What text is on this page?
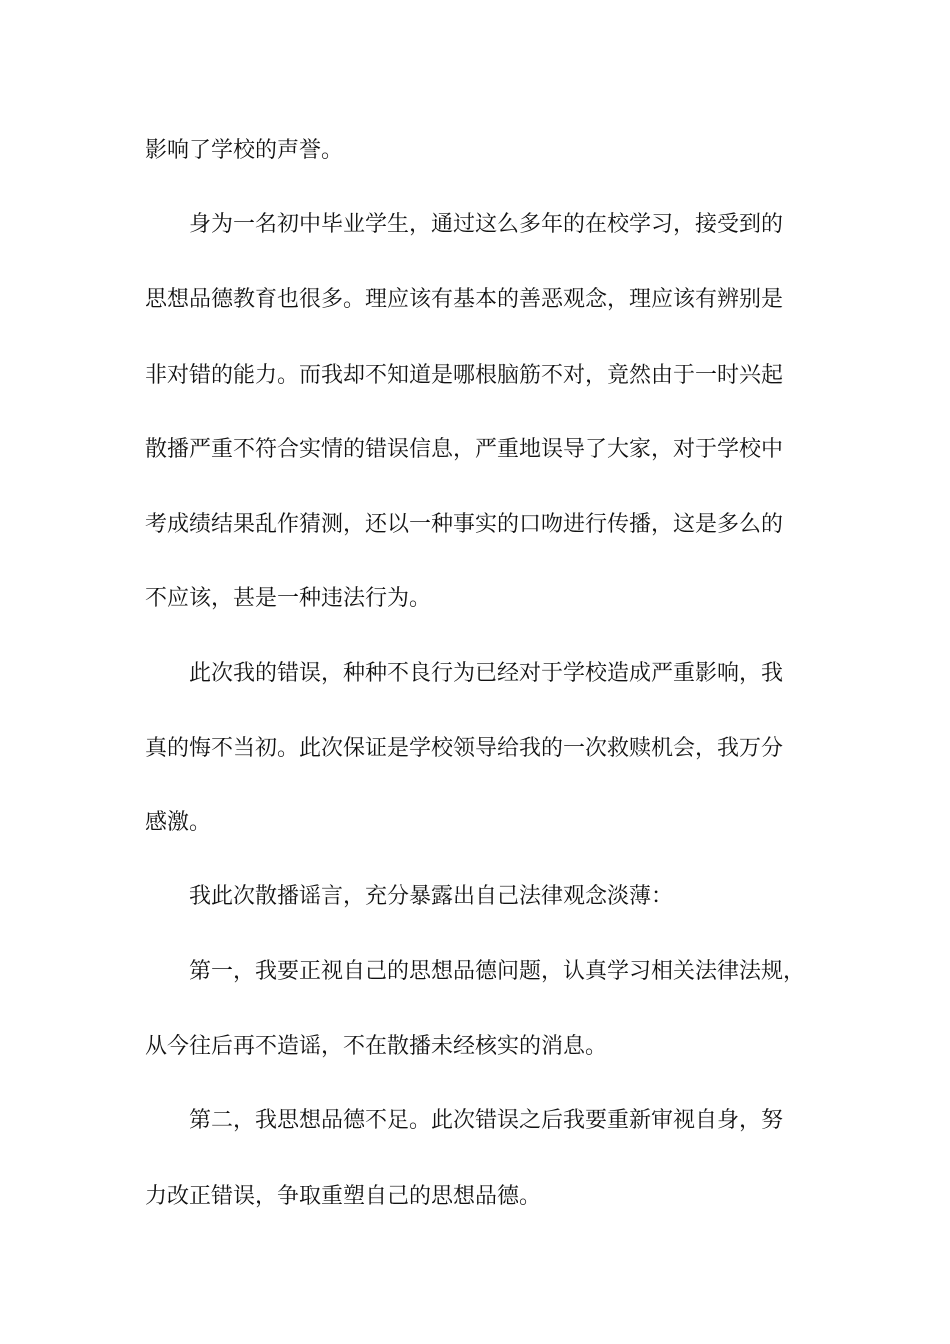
影响了学校的声誉。
　　身为一名初中毕业学生，通过这么多年的在校学习，接受到的
思想品德教育也很多。理应该有基本的善恶观念，理应该有辨别是
非对错的能力。而我却不知道是哪根脑筋不对，竟然由于一时兴起
散播严重不符合实情的错误信息，严重地误导了大家，对于学校中
考成绩结果乱作猜测，还以一种事实的口吻进行传播，这是多么的
不应该，甚是一种违法行为。
　　此次我的错误，种种不良行为已经对于学校造成严重影响，我
真的悔不当初。此次保证是学校领导给我的一次救赎机会，我万分
感激。
　　我此次散播谣言，充分暴露出自己法律观念淡薄：
　　第一，我要正视自己的思想品德问题，认真学习相关法律法规，
从今往后再不造谣，不在散播未经核实的消息。
　　第二，我思想品德不足。此次错误之后我要重新审视自身，努
力改正错误，争取重塑自己的思想品德。
